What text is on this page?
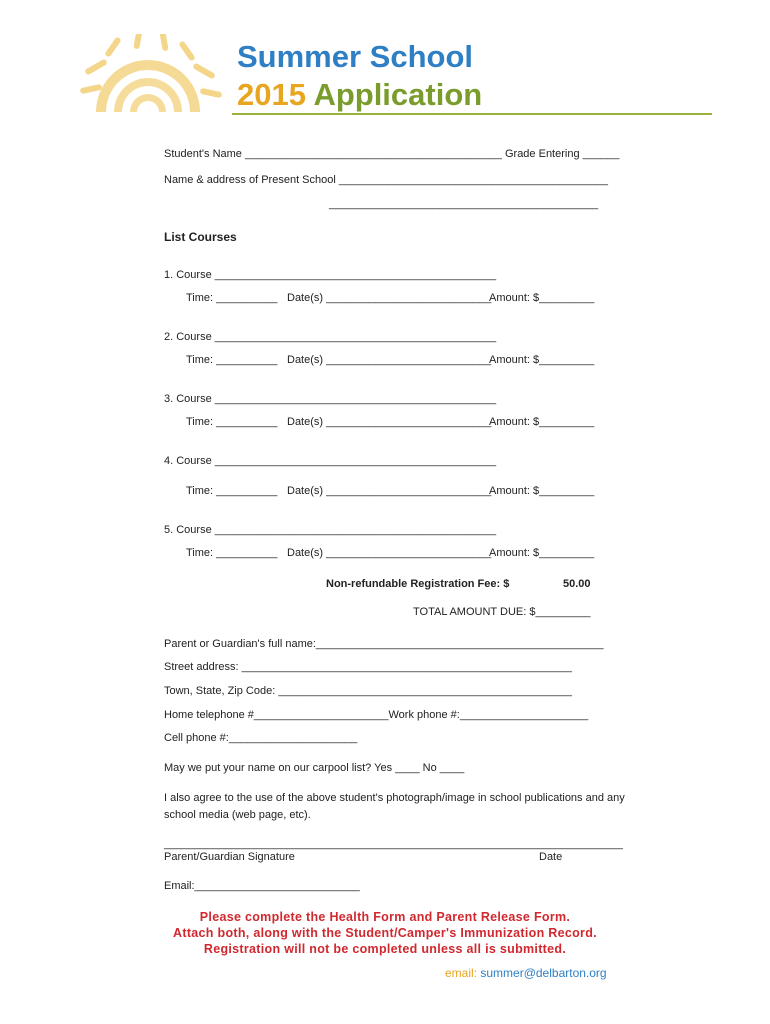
Summer School
2015 Application
Student's Name __________________________________________ Grade Entering ______
Name & address of Present School ____________________________________________
____________________________________________
List Courses
1. Course ______________________________________________
Time: __________ Date(s) ___________________________
Amount: $_________
2. Course ______________________________________________
Time: __________ Date(s) ___________________________
Amount: $_________
3. Course ______________________________________________
Time: __________ Date(s) ___________________________
Amount: $_________
4. Course ______________________________________________
Time: __________ Date(s) ___________________________
Amount: $_________
5. Course ______________________________________________
Time: __________ Date(s) ___________________________
Amount: $_________
Non-refundable Registration Fee: $	50.00
TOTAL AMOUNT DUE: $_________
Parent or Guardian's full name:_______________________________________________
Street address: ______________________________________________________
Town, State, Zip Code: ________________________________________________
Home telephone #______________________Work phone #:_____________________
Cell phone #:_____________________
May we put your name on our carpool list? Yes ____ No ____
I also agree to the use of the above student's photograph/image in school publications and any
school media (web page, etc).
___________________________________________________________________________
Parent/Guardian Signature	Date
Email:___________________________
Please complete the Health Form and Parent Release Form.
Attach both, along with the Student/Camper's Immunization Record.
Registration will not be completed unless all is submitted.
email: summer@delbarton.org
